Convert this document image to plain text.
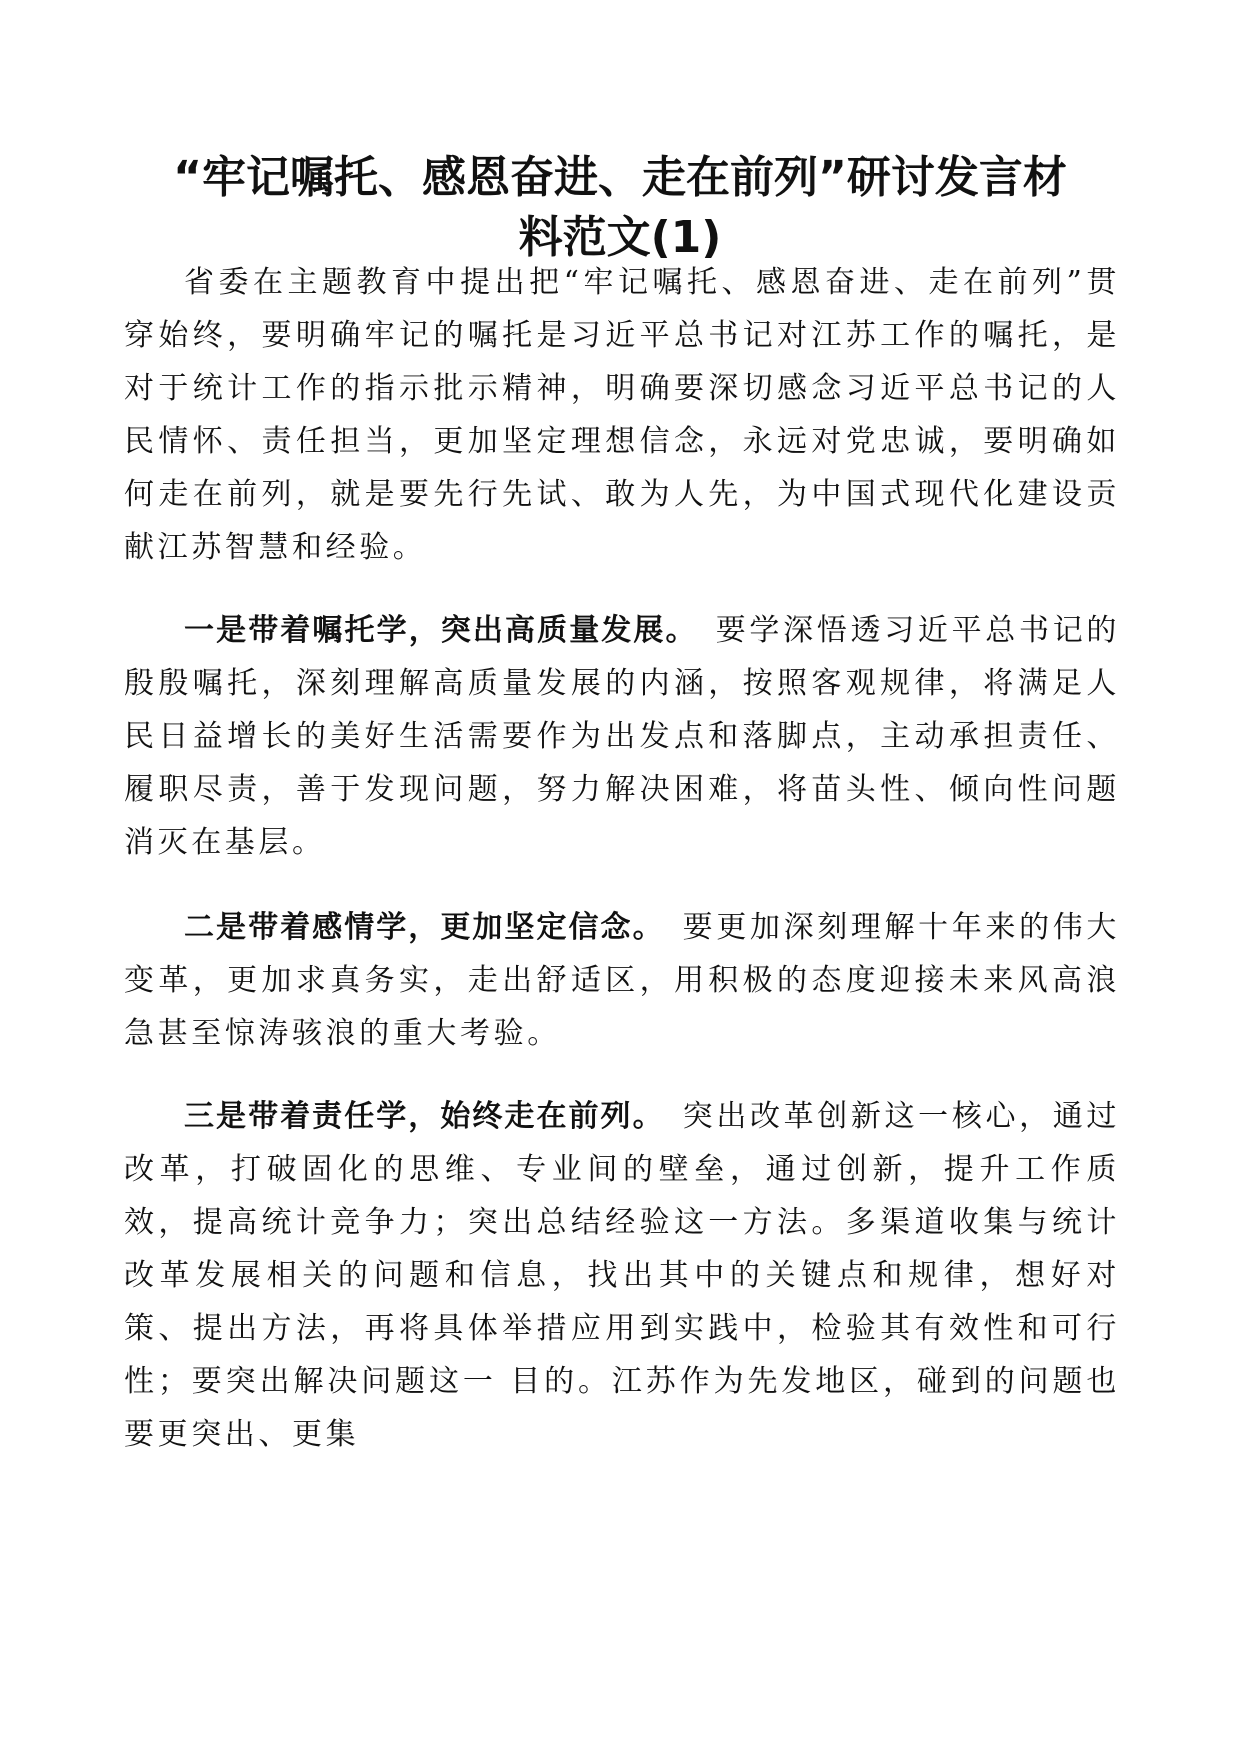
“牢记嘱托、感恩奋进、走在前列”研讨发言材
料范文(1)

省委在主题教育中提出把“牢记嘱托、感恩奋进、走在前列”贯穿始终，要明确牢记的嘱托是习近平总书记对江苏工作的嘱托，是对于统计工作的指示批示精神，明确要深切感念习近平总书记的人民情怀、责任担当，更加坚定理想信念，永远对党忠诚，要明确如何走在前列，就是要先行先试、敢为人先，为中国式现代化建设贡献江苏智慧和经验。

一是带着嘱托学，突出高质量发展。 要学深悟透习近平总书记的殷殷嘱托，深刻理解高质量发展的内涵，按照客观规律，将满足人民日益增长的美好生活需要作为出发点和落脚点，主动承担责任、履职尽责，善于发现问题，努力解决困难，将苗头性、倾向性问题消灭在基层。

二是带着感情学，更加坚定信念。 要更加深刻理解十年来的伟大变革，更加求真务实，走出舒适区，用积极的态度迎接未来风高浪急甚至惊涛骇浪的重大考验。

三是带着责任学，始终走在前列。 突出改革创新这一核心，通过改革，打破固化的思维、专业间的壁垒，通过创新，提升工作质效，提高统计竞争力；突出总结经验这一方法。多渠道收集与统计改革发展相关的问题和信息，找出其中的关键点和规律，想好对策、提出方法，再将具体举措应用到实践中，检验其有效性和可行性；要突出解决问题这一 目的。江苏作为先发地区，碰到的问题也要更突出、更集
